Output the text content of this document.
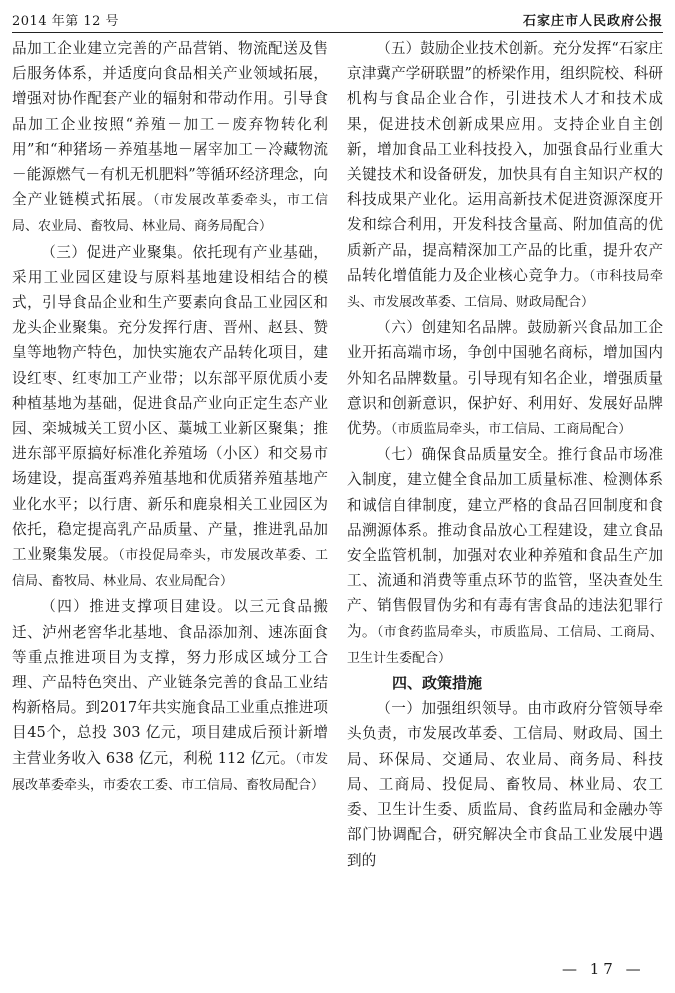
2014 年第 12 号	石家庄市人民政府公报

品加工企业建立完善的产品营销、物流配送及售后服务体系，并适度向食品相关产业领域拓展，增强对协作配套产业的辐射和带动作用。引导食品加工企业按照“养殖－加工－废弃物转化利用”和“种猪场－养殖基地－屠宰加工－冷藏物流－能源燃气－有机无机肥料”等循环经济理念，向全产业链模式拓展。（市发展改革委牵头，市工信局、农业局、畜牧局、林业局、商务局配合）

（三）促进产业聚集。依托现有产业基础，采用工业园区建设与原料基地建设相结合的模式，引导食品企业和生产要素向食品工业园区和龙头企业聚集。充分发挥行唐、晋州、赵县、赞皇等地物产特色，加快实施农产品转化项目，建设红枣、红枣加工产业带；以东部平原优质小麦种植基地为基础，促进食品产业向正定生态产业园、栾城城关工贸小区、藁城工业新区聚集；推进东部平原搞好标准化养殖场（小区）和交易市场建设，提高蛋鸡养殖基地和优质猪养殖基地产业化水平；以行唐、新乐和鹿泉相关工业园区为依托，稳定提高乳产品质量、产量，推进乳品加工业聚集发展。（市投促局牵头，市发展改革委、工信局、畜牧局、林业局、农业局配合）

（四）推进支撑项目建设。以三元食品搬迁、泸州老窖华北基地、食品添加剂、速冻面食等重点推进项目为支撑，努力形成区域分工合理、产品特色突出、产业链条完善的食品工业结构新格局。到2017年共实施食品工业重点推进项目45个，总投 303 亿元，项目建成后预计新增主营业务收入 638 亿元，利税 112 亿元。（市发展改革委牵头，市委农工委、市工信局、畜牧局配合）

（五）鼓励企业技术创新。充分发挥“石家庄京津冀产学研联盟”的桥梁作用，组织院校、科研机构与食品企业合作，引进技术人才和技术成果，促进技术创新成果应用。支持企业自主创新，增加食品工业科技投入，加强食品行业重大关键技术和设备研发，加快具有自主知识产权的科技成果产业化。运用高新技术促进资源深度开发和综合利用，开发科技含量高、附加值高的优质新产品，提高精深加工产品的比重，提升农产品转化增值能力及企业核心竞争力。（市科技局牵头、市发展改革委、工信局、财政局配合）

（六）创建知名品牌。鼓励新兴食品加工企业开拓高端市场，争创中国驰名商标，增加国内外知名品牌数量。引导现有知名企业，增强质量意识和创新意识，保护好、利用好、发展好品牌优势。（市质监局牵头，市工信局、工商局配合）

（七）确保食品质量安全。推行食品市场准入制度，建立健全食品加工质量标准、检测体系和诚信自律制度，建立严格的食品召回制度和食品溯源体系。推动食品放心工程建设，建立食品安全监管机制，加强对农业种养殖和食品生产加工、流通和消费等重点环节的监管，坚决查处生产、销售假冒伪劣和有毒有害食品的违法犯罪行为。（市食药监局牵头，市质监局、工信局、工商局、卫生计生委配合）

四、政策措施

（一）加强组织领导。由市政府分管领导牵头负责，市发展改革委、工信局、财政局、国土局、环保局、交通局、农业局、商务局、科技局、工商局、投促局、畜牧局、林业局、农工委、卫生计生委、质监局、食药监局和金融办等部门协调配合，研究解决全市食品工业发展中遇到的

— 17 —
